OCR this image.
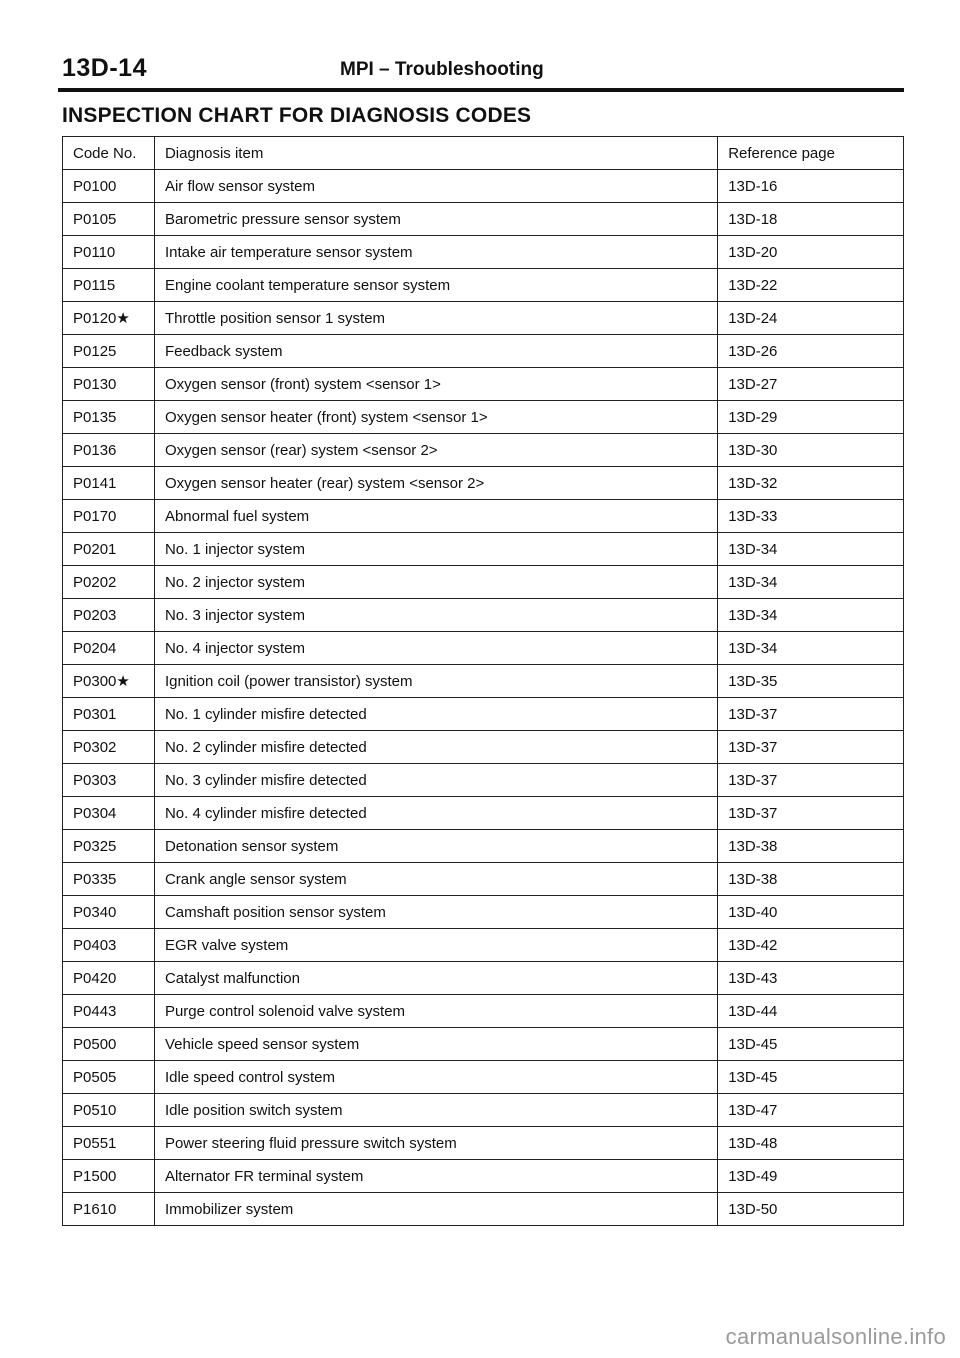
13D-14	MPI – Troubleshooting
INSPECTION CHART FOR DIAGNOSIS CODES
Code No.	Diagnosis item	Reference page
P0100	Air flow sensor system	13D-16
P0105	Barometric pressure sensor system	13D-18
P0110	Intake air temperature sensor system	13D-20
P0115	Engine coolant temperature sensor system	13D-22
P0120★	Throttle position sensor 1 system	13D-24
P0125	Feedback system	13D-26
P0130	Oxygen sensor (front) system <sensor 1>	13D-27
P0135	Oxygen sensor heater (front) system <sensor 1>	13D-29
P0136	Oxygen sensor (rear) system <sensor 2>	13D-30
P0141	Oxygen sensor heater (rear) system <sensor 2>	13D-32
P0170	Abnormal fuel system	13D-33
P0201	No. 1 injector system	13D-34
P0202	No. 2 injector system	13D-34
P0203	No. 3 injector system	13D-34
P0204	No. 4 injector system	13D-34
P0300★	Ignition coil (power transistor) system	13D-35
P0301	No. 1 cylinder misfire detected	13D-37
P0302	No. 2 cylinder misfire detected	13D-37
P0303	No. 3 cylinder misfire detected	13D-37
P0304	No. 4 cylinder misfire detected	13D-37
P0325	Detonation sensor system	13D-38
P0335	Crank angle sensor system	13D-38
P0340	Camshaft position sensor system	13D-40
P0403	EGR valve system	13D-42
P0420	Catalyst malfunction	13D-43
P0443	Purge control solenoid valve system	13D-44
P0500	Vehicle speed sensor system	13D-45
P0505	Idle speed control system	13D-45
P0510	Idle position switch system	13D-47
P0551	Power steering fluid pressure switch system	13D-48
P1500	Alternator FR terminal system	13D-49
P1610	Immobilizer system	13D-50
carmanualsonline.info
